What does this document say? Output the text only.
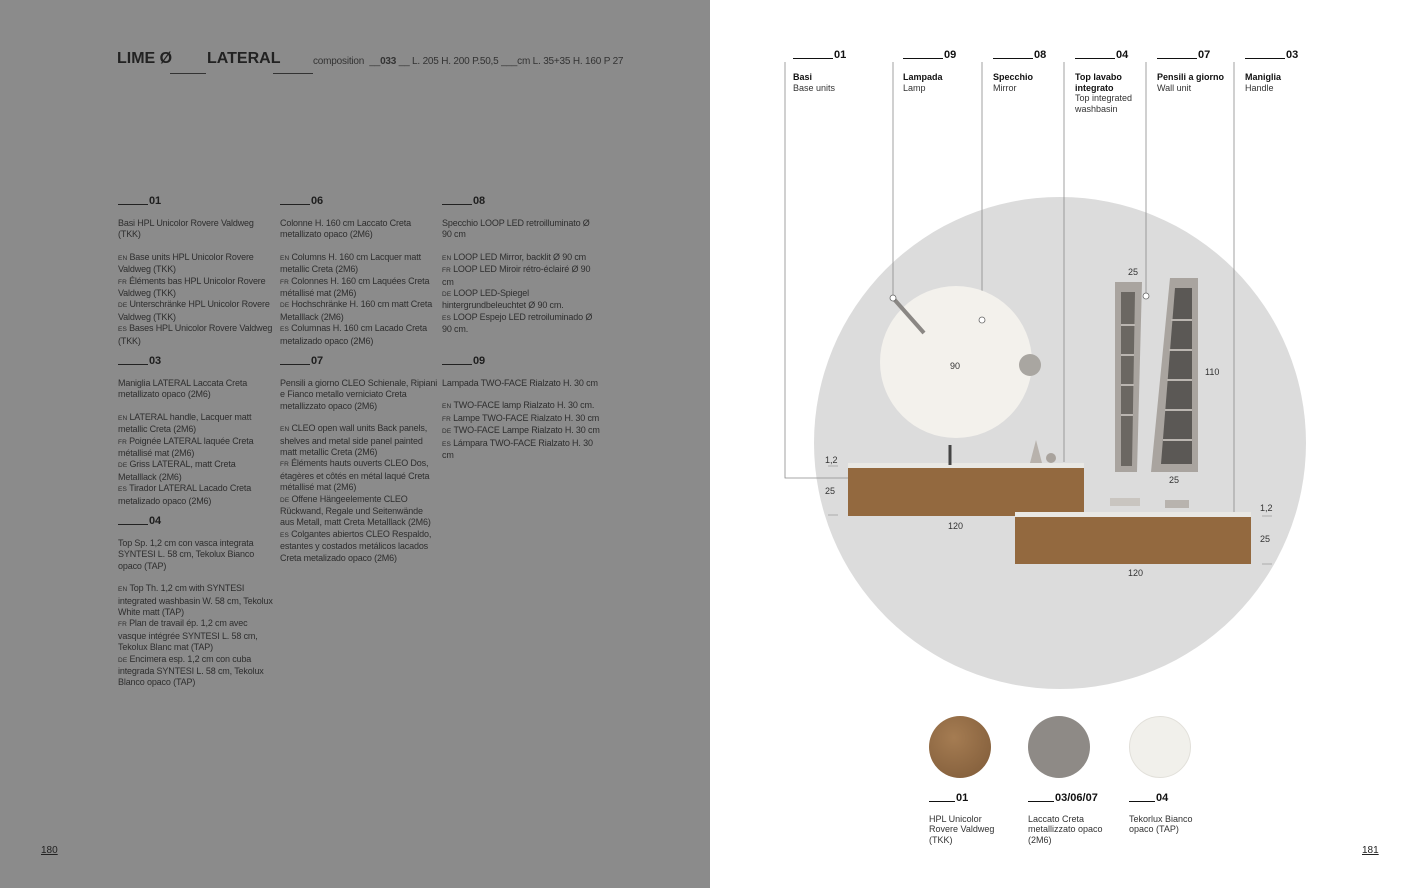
LIME Ø LATERAL	composition  __033 __ L. 205 H. 200 P.50,5 ___cm L. 35+35 H. 160 P 27
01
Basi HPL Unicolor Rovere Valdweg (TKK)
EN Base units HPL Unicolor Rovere Valdweg (TKK)
FR Éléments bas HPL Unicolor Rovere Valdweg (TKK)
DE Unterschränke HPL Unicolor Rovere Valdweg (TKK)
ES Bases HPL Unicolor Rovere Valdweg (TKK)
03
Maniglia LATERAL Laccata Creta metallizato opaco (2M6)
EN LATERAL handle, Lacquer matt metallic Creta (2M6)
FR Poignée LATERAL laquée Creta métallisé mat (2M6)
DE Griss LATERAL, matt Creta Metalllack (2M6)
ES Tirador LATERAL Lacado Creta metalizado opaco (2M6)
04
Top Sp. 1,2 cm con vasca integrata SYNTESI L. 58 cm, Tekolux Bianco opaco (TAP)
EN Top Th. 1,2 cm with SYNTESI integrated washbasin W. 58 cm, Tekolux White matt (TAP)
FR Plan de travail ép. 1,2 cm avec vasque intégrée SYNTESI L. 58 cm, Tekolux Blanc mat (TAP)
DE Encimera esp. 1,2 cm con cuba integrada SYNTESI L. 58 cm, Tekolux Blanco opaco (TAP)
06
Colonne H. 160 cm Laccato Creta metallizato opaco (2M6)
EN Columns H. 160 cm Lacquer matt metallic Creta (2M6)
FR Colonnes H. 160 cm Laquées Creta métallisé mat (2M6)
DE Hochschränke H. 160 cm matt Creta Metalllack (2M6)
ES Columnas H. 160 cm Lacado Creta metalizado opaco (2M6)
07
Pensili a giorno CLEO Schienale, Ripiani e Fianco metallo verniciato Creta metallizzato opaco (2M6)
EN CLEO open wall units Back panels, shelves and metal side panel painted matt metallic Creta (2M6)
FR Éléments hauts ouverts CLEO Dos, étagères et côtés en métal laqué Creta métallisé mat (2M6)
DE Offene Hängeelemente CLEO Rückwand, Regale und Seitenwände aus Metall, matt Creta Metalllack (2M6)
ES Colgantes abiertos CLEO Respaldo, estantes y costados metálicos lacados Creta metalizado opaco (2M6)
08
Specchio LOOP LED retroilluminato Ø 90 cm
EN LOOP LED Mirror, backlit Ø 90 cm
FR LOOP LED Miroir rétro-éclairé Ø 90 cm
DE LOOP LED-Spiegel hintergrundbeleuchtet Ø 90 cm.
ES LOOP Espejo LED retroiluminado Ø 90 cm.
09
Lampada TWO-FACE Rialzato H. 30 cm
EN TWO-FACE lamp Rialzato H. 30 cm.
FR Lampe TWO-FACE Rialzato H. 30 cm
DE TWO-FACE Lampe Rialzato H. 30 cm
ES Lámpara TWO-FACE Rialzato H. 30 cm
180
90
25
110
25
1,2
25
120
1,2
25
120
01
Basi
Base units
09
Lampada
Lamp
08
Specchio
Mirror
04
Top lavabo integrato
Top integrated washbasin
07
Pensili a giorno
Wall unit
03
Maniglia
Handle
01
HPL Unicolor Rovere Valdweg (TKK)
03/06/07
Laccato Creta metallizzato opaco (2M6)
04
Tekorlux Bianco opaco (TAP)
181
